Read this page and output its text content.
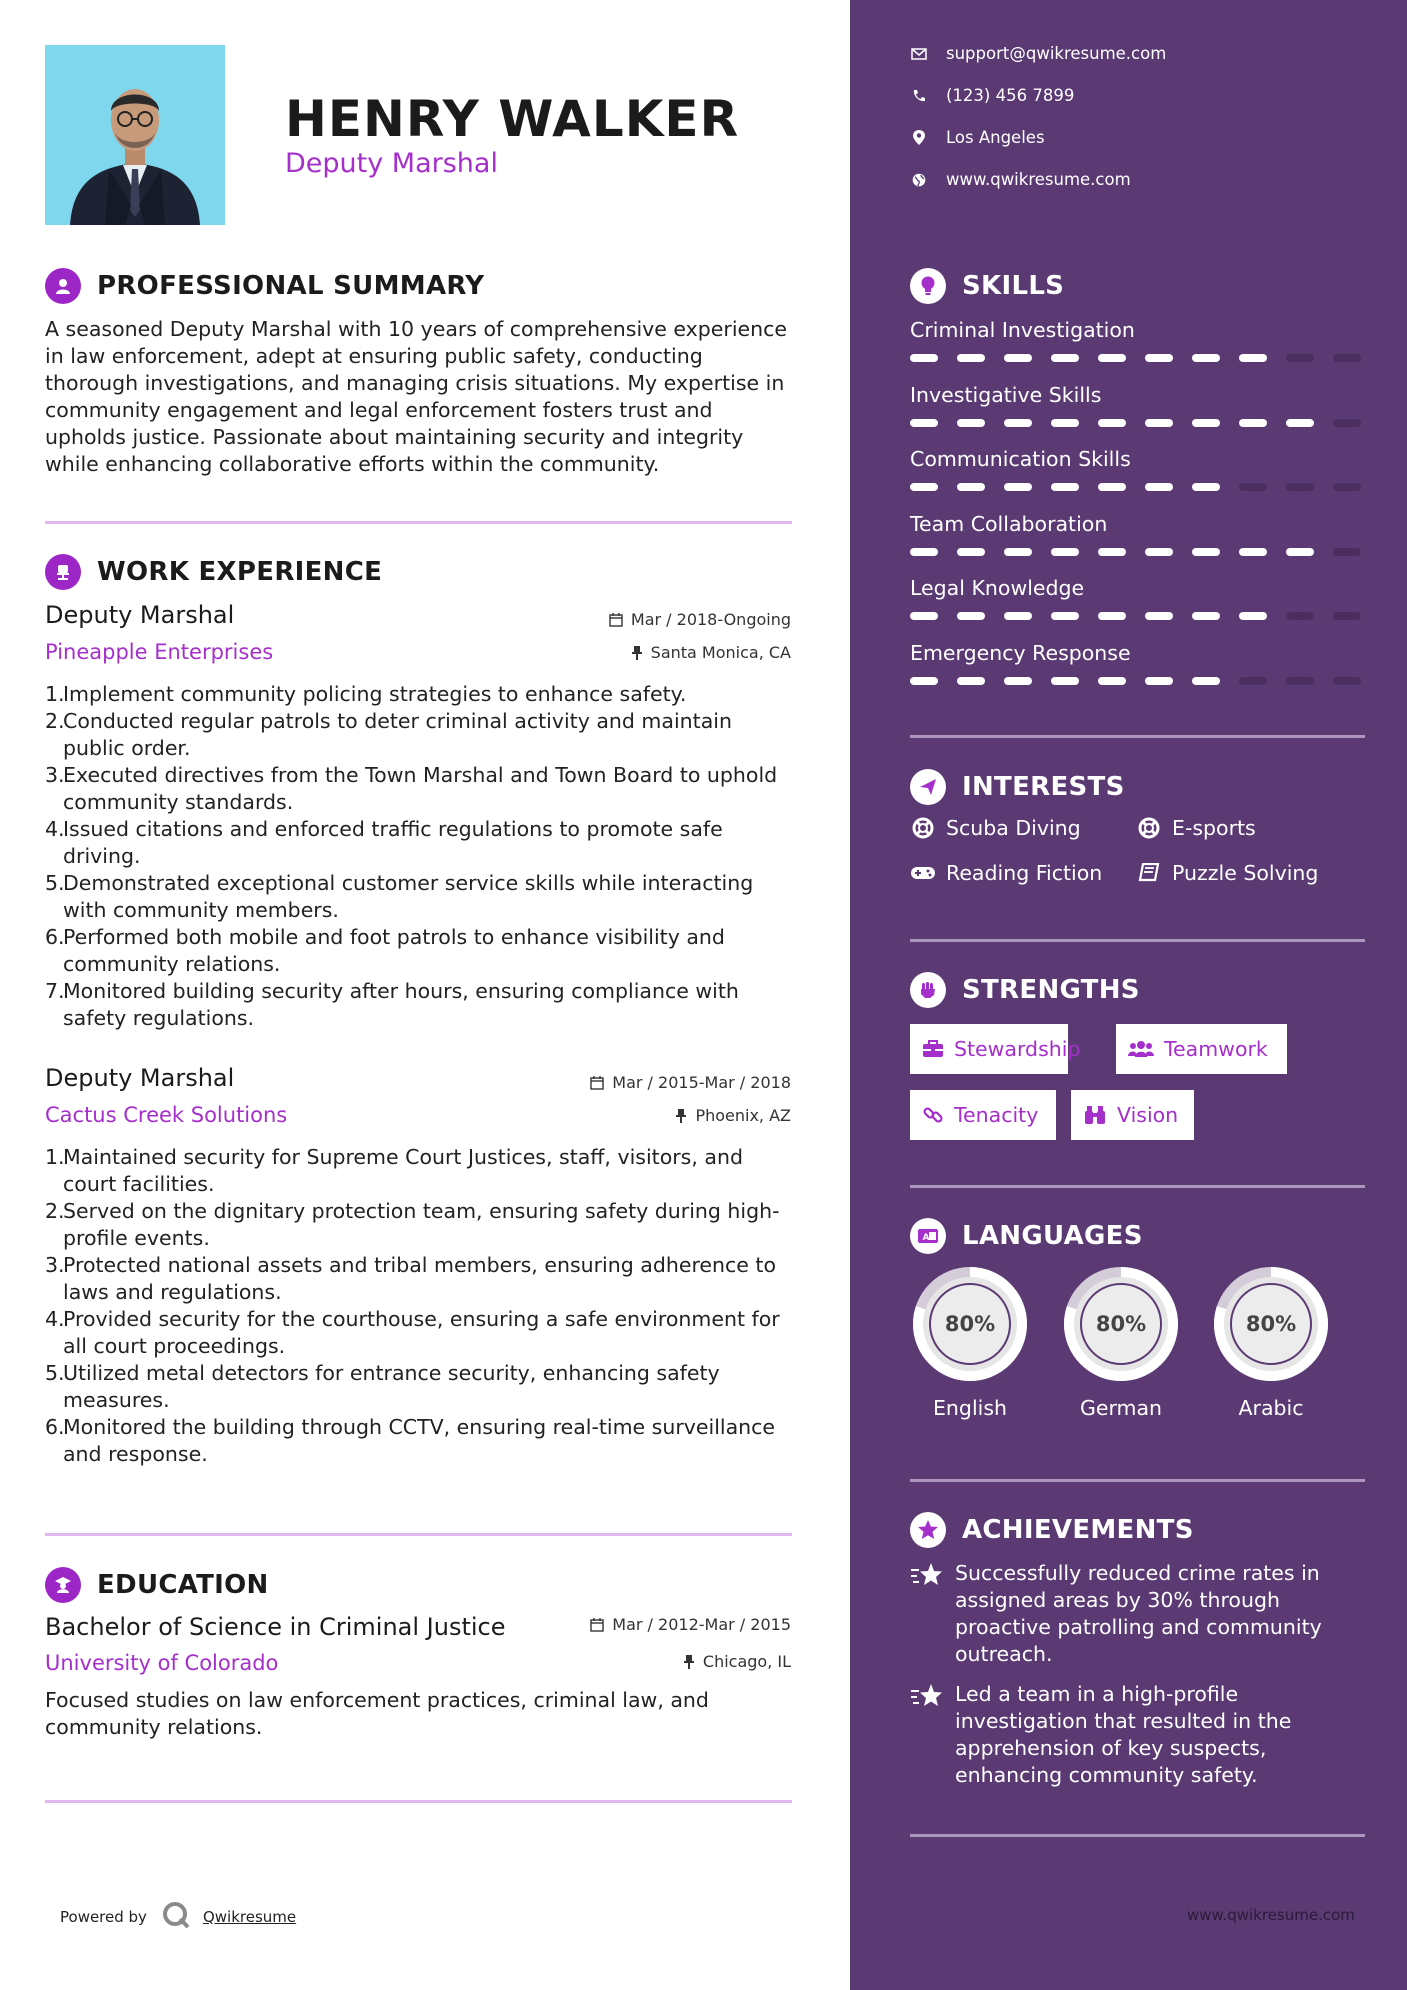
HENRY WALKER
Deputy Marshal
PROFESSIONAL SUMMARY
A seasoned Deputy Marshal with 10 years of comprehensive experience in law enforcement, adept at ensuring public safety, conducting thorough investigations, and managing crisis situations. My expertise in community engagement and legal enforcement fosters trust and upholds justice. Passionate about maintaining security and integrity while enhancing collaborative efforts within the community.
WORK EXPERIENCE
Deputy Marshal	Mar / 2018-Ongoing
Pineapple Enterprises	Santa Monica, CA
1.
Implement community policing strategies to enhance safety.
2.
Conducted regular patrols to deter criminal activity and maintain public order.
3.
Executed directives from the Town Marshal and Town Board to uphold community standards.
4.
Issued citations and enforced traffic regulations to promote safe driving.
5.
Demonstrated exceptional customer service skills while interacting with community members.
6.
Performed both mobile and foot patrols to enhance visibility and community relations.
7.
Monitored building security after hours, ensuring compliance with safety regulations.
Deputy Marshal	Mar / 2015-Mar / 2018
Cactus Creek Solutions	Phoenix, AZ
1.
Maintained security for Supreme Court Justices, staff, visitors, and court facilities.
2.
Served on the dignitary protection team, ensuring safety during high-profile events.
3.
Protected national assets and tribal members, ensuring adherence to laws and regulations.
4.
Provided security for the courthouse, ensuring a safe environment for all court proceedings.
5.
Utilized metal detectors for entrance security, enhancing safety measures.
6.
Monitored the building through CCTV, ensuring real-time surveillance and response.
EDUCATION
Bachelor of Science in Criminal Justice	Mar / 2012-Mar / 2015
University of Colorado	Chicago, IL
Focused studies on law enforcement practices, criminal law, and community relations.
Powered by	Qwikresume
support@qwikresume.com
(123) 456 7899
Los Angeles
www.qwikresume.com
SKILLS
Criminal Investigation
Investigative Skills
Communication Skills
Team Collaboration
Legal Knowledge
Emergency Response
INTERESTS
Scuba Diving	E-sports
Reading Fiction	Puzzle Solving
STRENGTHS
Stewardship	Teamwork
Tenacity	Vision
A LANGUAGES
80%
English
80%
German
80%
Arabic
ACHIEVEMENTS
Successfully reduced crime rates in assigned areas by 30% through proactive patrolling and community outreach.
Led a team in a high-profile investigation that resulted in the apprehension of key suspects, enhancing community safety.
www.qwikresume.com
